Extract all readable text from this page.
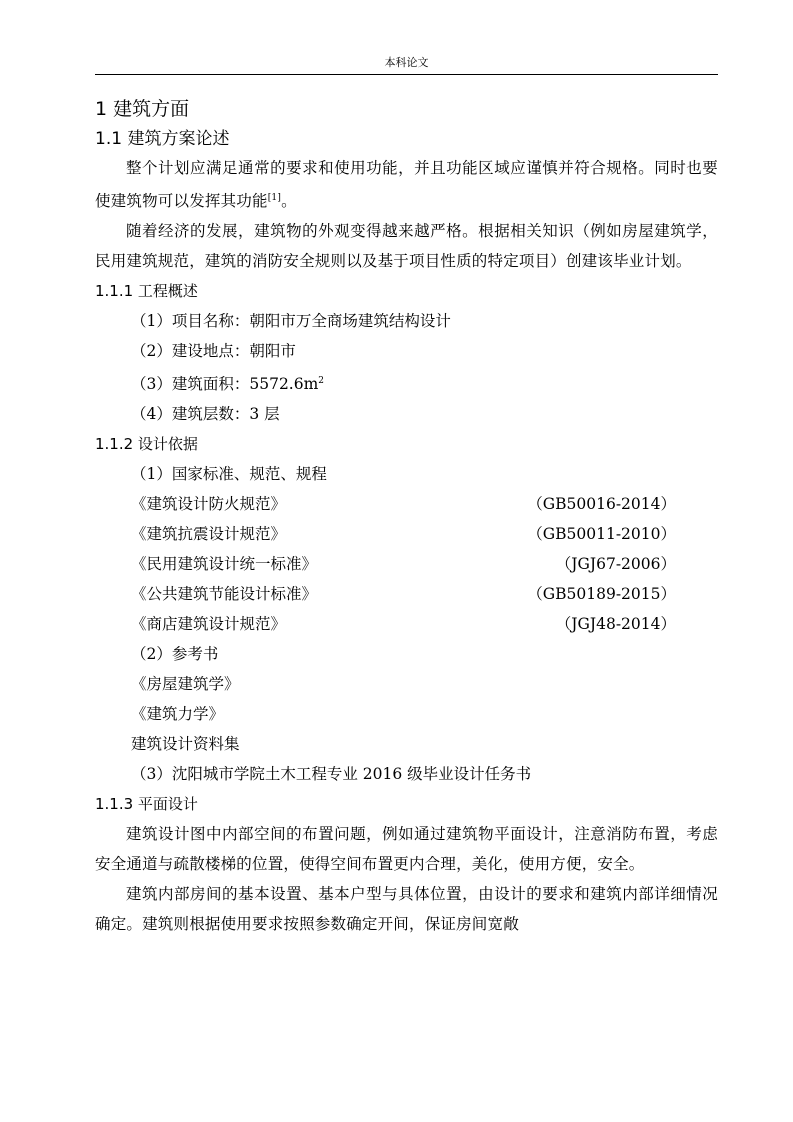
本科论文
1 建筑方面
1.1 建筑方案论述

整个计划应满足通常的要求和使用功能，并且功能区域应谨慎并符合规格。同时也要使建筑物可以发挥其功能[1]。

随着经济的发展，建筑物的外观变得越来越严格。根据相关知识（例如房屋建筑学，民用建筑规范，建筑的消防安全规则以及基于项目性质的特定项目）创建该毕业计划。

1.1.1 工程概述

（1）项目名称：朝阳市万全商场建筑结构设计

（2）建设地点：朝阳市

（3）建筑面积：$5572.6m^2$

（4）建筑层数：3 层

1.1.2 设计依据

（1）国家标准、规范、规程

《建筑设计防火规范》	（GB50016-2014）
《建筑抗震设计规范》	（GB50011-2010）
《民用建筑设计统一标准》	（JGJ67-2006）
《公共建筑节能设计标准》	（GB50189-2015）
《商店建筑设计规范》	（JGJ48-2014）

（2）参考书

《房屋建筑学》

《建筑力学》

建筑设计资料集

（3）沈阳城市学院土木工程专业 2016 级毕业设计任务书

1.1.3 平面设计

建筑设计图中内部空间的布置问题，例如通过建筑物平面设计，注意消防布置，考虑安全通道与疏散楼梯的位置，使得空间布置更内合理，美化，使用方便，安全。

建筑内部房间的基本设置、基本户型与具体位置，由设计的要求和建筑内部详细情况确定。建筑则根据使用要求按照参数确定开间，保证房间宽敞
